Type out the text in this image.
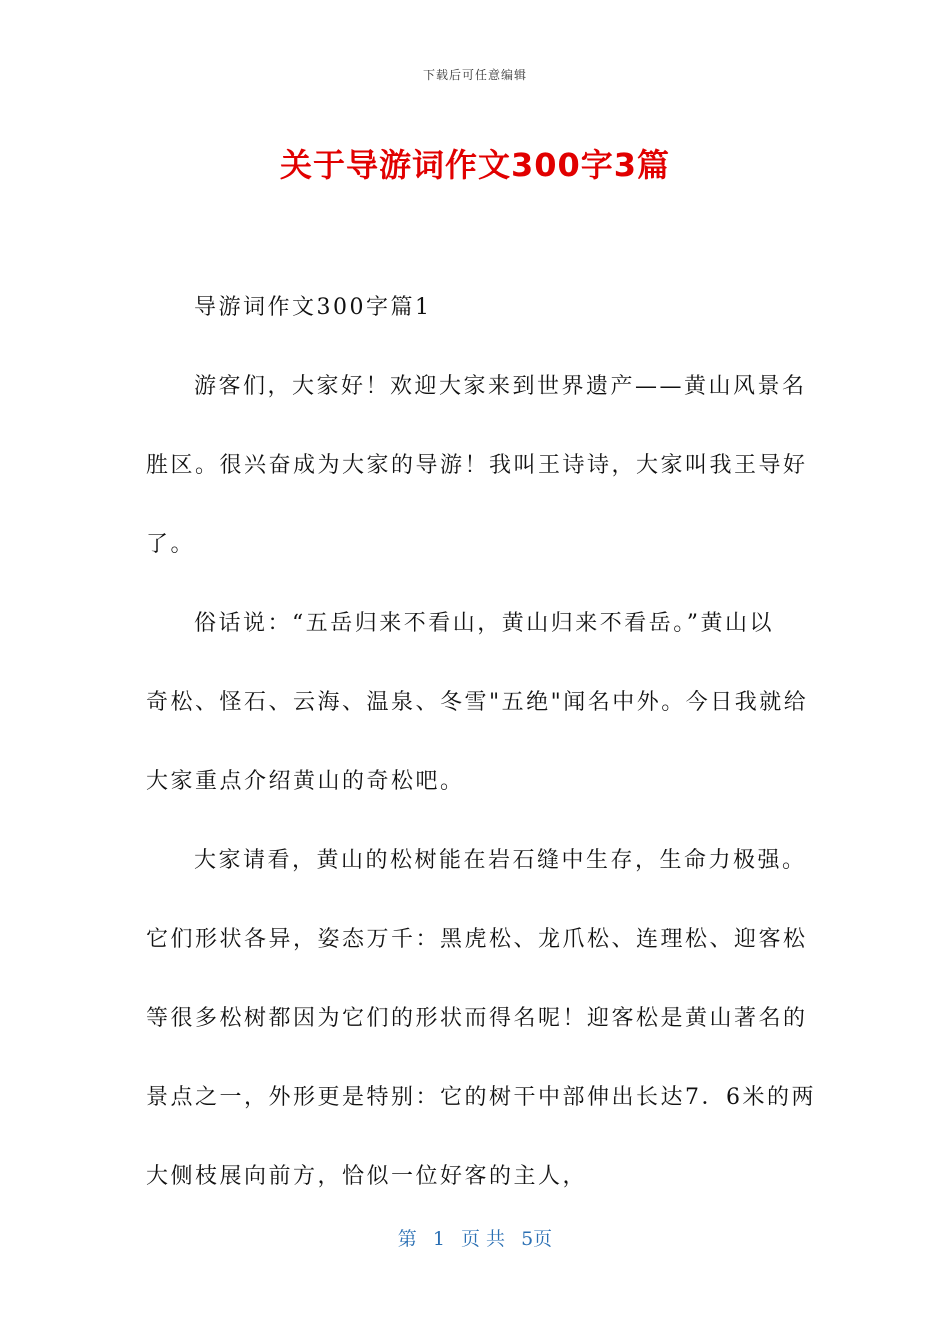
下载后可任意编辑
关于导游词作文300字3篇
导游词作文300字篇1
游客们，大家好！欢迎大家来到世界遗产——黄山风景名
胜区。很兴奋成为大家的导游！我叫王诗诗，大家叫我王导好
了。
俗话说：“五岳归来不看山，黄山归来不看岳。”黄山以
奇松、怪石、云海、温泉、冬雪"五绝"闻名中外。今日我就给
大家重点介绍黄山的奇松吧。
大家请看，黄山的松树能在岩石缝中生存，生命力极强。
它们形状各异，姿态万千：黑虎松、龙爪松、连理松、迎客松
等很多松树都因为它们的形状而得名呢！迎客松是黄山著名的
景点之一，外形更是特别：它的树干中部伸出长达7．6米的两
大侧枝展向前方，恰似一位好客的主人，
第 1 页 共 5页
